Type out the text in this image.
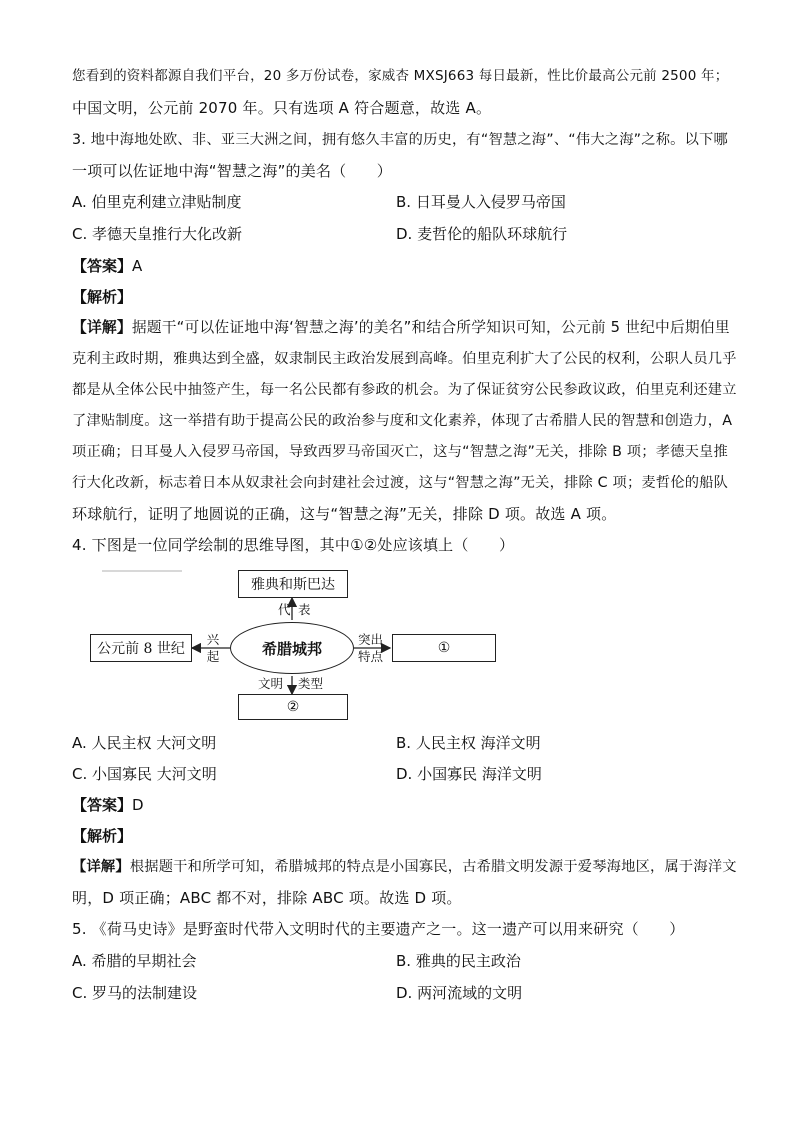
您看到的资料都源自我们平台，20 多万份试卷，家威杏 MXSJ663 每日最新，性比价最高公元前 2500 年；
中国文明，公元前 2070 年。只有选项 A 符合题意，故选 A。
3. 地中海地处欧、非、亚三大洲之间，拥有悠久丰富的历史，有“智慧之海”、“伟大之海”之称。以下哪
一项可以佐证地中海“智慧之海”的美名（　　）
A. 伯里克利建立津贴制度	B. 日耳曼人入侵罗马帝国
C. 孝德天皇推行大化改新	D. 麦哲伦的船队环球航行
【答案】A
【解析】
【详解】据题干“可以佐证地中海‘智慧之海’的美名”和结合所学知识可知，公元前 5 世纪中后期伯里
克利主政时期，雅典达到全盛，奴隶制民主政治发展到高峰。伯里克利扩大了公民的权利，公职人员几乎
都是从全体公民中抽签产生，每一名公民都有参政的机会。为了保证贫穷公民参政议政，伯里克利还建立
了津贴制度。这一举措有助于提高公民的政治参与度和文化素养，体现了古希腊人民的智慧和创造力，A
项正确；日耳曼人入侵罗马帝国，导致西罗马帝国灭亡，这与“智慧之海”无关，排除 B 项；孝德天皇推
行大化改新，标志着日本从奴隶社会向封建社会过渡，这与“智慧之海”无关，排除 C 项；麦哲伦的船队
环球航行，证明了地圆说的正确，这与“智慧之海”无关，排除 D 项。故选 A 项。
4. 下图是一位同学绘制的思维导图，其中①②处应该填上（　　）
雅典和斯巴达
代 表
希腊城邦
公元前 8 世纪
兴
起
突出
特点
①
文明 类型
②
A. 人民主权 大河文明	B. 人民主权 海洋文明
C. 小国寡民 大河文明	D. 小国寡民 海洋文明
【答案】D
【解析】
【详解】根据题干和所学可知，希腊城邦的特点是小国寡民，古希腊文明发源于爱琴海地区，属于海洋文
明，D 项正确；ABC 都不对，排除 ABC 项。故选 D 项。
5. 《荷马史诗》是野蛮时代带入文明时代的主要遗产之一。这一遗产可以用来研究（　　）
A. 希腊的早期社会	B. 雅典的民主政治
C. 罗马的法制建设	D. 两河流域的文明
